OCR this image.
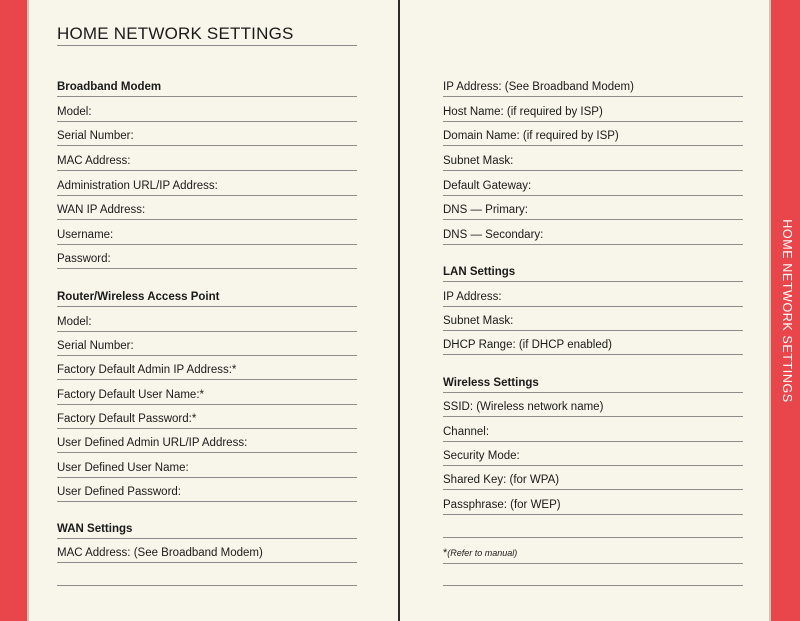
HOME NETWORK SETTINGS
Broadband Modem
Model:
Serial Number:
MAC Address:
Administration URL/IP Address:
WAN IP Address:
Username:
Password:
Router/Wireless Access Point
Model:
Serial Number:
Factory Default Admin IP Address:*
Factory Default User Name:*
Factory Default Password:*
User Defined Admin URL/IP Address:
User Defined User Name:
User Defined Password:
WAN Settings
MAC Address: (See Broadband Modem)
IP Address: (See Broadband Modem)
Host Name: (if required by ISP)
Domain Name: (if required by ISP)
Subnet Mask:
Default Gateway:
DNS — Primary:
DNS — Secondary:
LAN Settings
IP Address:
Subnet Mask:
DHCP Range: (if DHCP enabled)
Wireless Settings
SSID: (Wireless network name)
Channel:
Security Mode:
Shared Key: (for WPA)
Passphrase: (for WEP)
*(Refer to manual)
HOME NETWORK SETTINGS
